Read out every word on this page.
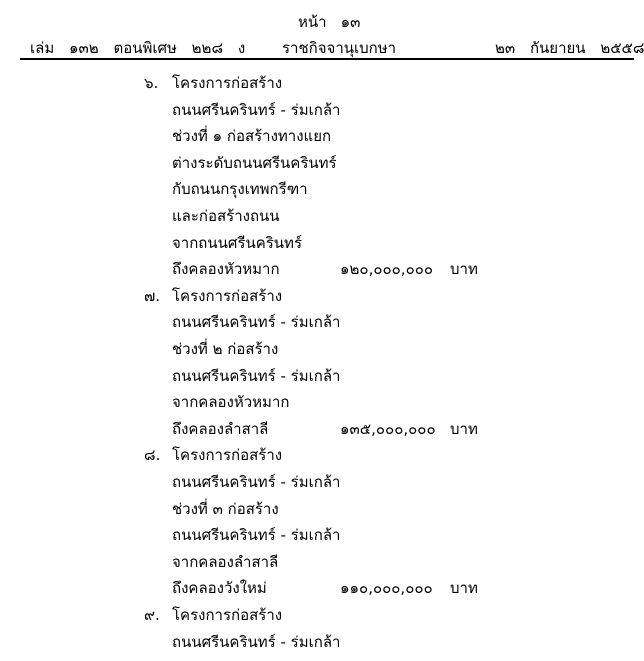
หน้า ๑๓
เล่ม ๑๓๒ ตอนพิเศษ ๒๒๘ ง	ราชกิจจานุเบกษา	๒๓ กันยายน ๒๕๕๘
๖. โครงการก่อสร้าง
ถนนศรีนครินทร์ - ร่มเกล้า
ช่วงที่ ๑ ก่อสร้างทางแยก
ต่างระดับถนนศรีนครินทร์
กับถนนกรุงเทพกรีฑา
และก่อสร้างถนน
จากถนนศรีนครินทร์
ถึงคลองหัวหมาก	๑๒๐,๐๐๐,๐๐๐ บาท
๗. โครงการก่อสร้าง
ถนนศรีนครินทร์ - ร่มเกล้า
ช่วงที่ ๒ ก่อสร้าง
ถนนศรีนครินทร์ - ร่มเกล้า
จากคลองหัวหมาก
ถึงคลองลำสาลี	๑๓๕,๐๐๐,๐๐๐ บาท
๘. โครงการก่อสร้าง
ถนนศรีนครินทร์ - ร่มเกล้า
ช่วงที่ ๓ ก่อสร้าง
ถนนศรีนครินทร์ - ร่มเกล้า
จากคลองลำสาลี
ถึงคลองวังใหม่	๑๑๐,๐๐๐,๐๐๐ บาท
๙. โครงการก่อสร้าง
ถนนศรีนครินทร์ - ร่มเกล้า
